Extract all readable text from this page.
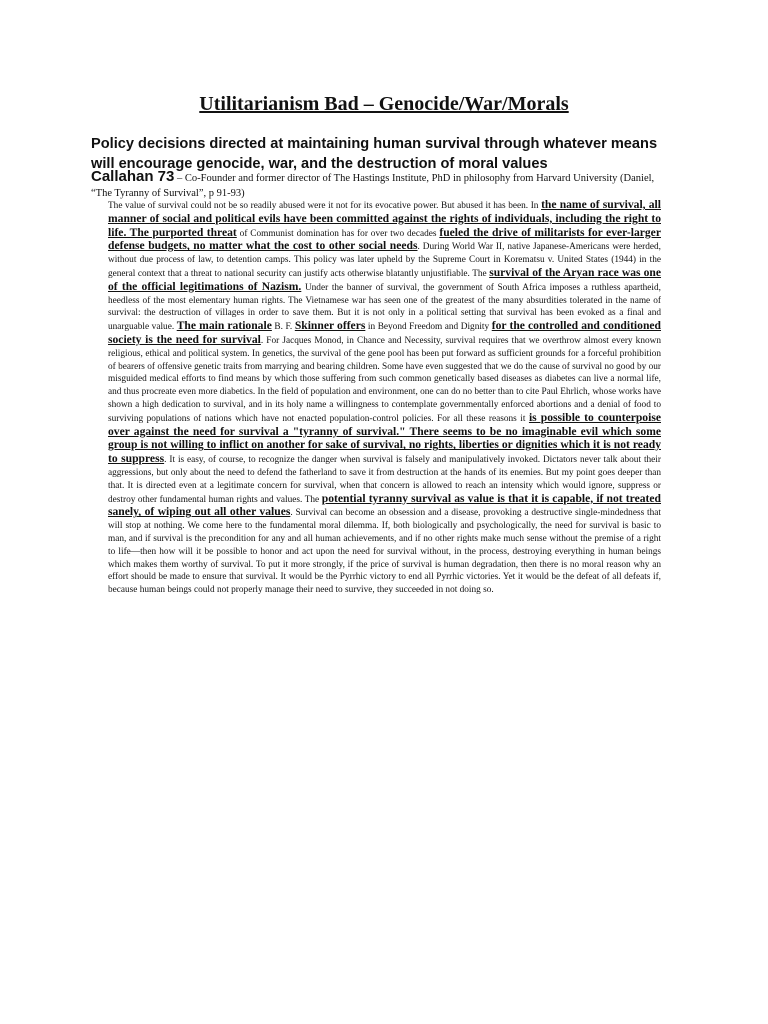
Utilitarianism Bad – Genocide/War/Morals
Policy decisions directed at maintaining human survival through whatever means will encourage genocide, war, and the destruction of moral values
Callahan 73 – Co-Founder and former director of The Hastings Institute, PhD in philosophy from Harvard University (Daniel, “The Tyranny of Survival”, p 91-93)
The value of survival could not be so readily abused were it not for its evocative power. But abused it has been. In the name of survival, all manner of social and political evils have been committed against the rights of individuals, including the right to life. The purported threat of Communist domination has for over two decades fueled the drive of militarists for ever-larger defense budgets, no matter what the cost to other social needs. During World War II, native Japanese-Americans were herded, without due process of law, to detention camps. This policy was later upheld by the Supreme Court in Korematsu v. United States (1944) in the general context that a threat to national security can justify acts otherwise blatantly unjustifiable. The survival of the Aryan race was one of the official legitimations of Nazism. Under the banner of survival, the government of South Africa imposes a ruthless apartheid, heedless of the most elementary human rights. The Vietnamese war has seen one of the greatest of the many absurdities tolerated in the name of survival: the destruction of villages in order to save them. But it is not only in a political setting that survival has been evoked as a final and unarguable value. The main rationale B. F. Skinner offers in Beyond Freedom and Dignity for the controlled and conditioned society is the need for survival. For Jacques Monod, in Chance and Necessity, survival requires that we overthrow almost every known religious, ethical and political system. In genetics, the survival of the gene pool has been put forward as sufficient grounds for a forceful prohibition of bearers of offensive genetic traits from marrying and bearing children. Some have even suggested that we do the cause of survival no good by our misguided medical efforts to find means by which those suffering from such common genetically based diseases as diabetes can live a normal life, and thus procreate even more diabetics. In the field of population and environment, one can do no better than to cite Paul Ehrlich, whose works have shown a high dedication to survival, and in its holy name a willingness to contemplate governmentally enforced abortions and a denial of food to surviving populations of nations which have not enacted population-control policies. For all these reasons it is possible to counterpoise over against the need for survival a "tyranny of survival." There seems to be no imaginable evil which some group is not willing to inflict on another for sake of survival, no rights, liberties or dignities which it is not ready to suppress. It is easy, of course, to recognize the danger when survival is falsely and manipulatively invoked. Dictators never talk about their aggressions, but only about the need to defend the fatherland to save it from destruction at the hands of its enemies. But my point goes deeper than that. It is directed even at a legitimate concern for survival, when that concern is allowed to reach an intensity which would ignore, suppress or destroy other fundamental human rights and values. The potential tyranny survival as value is that it is capable, if not treated sanely, of wiping out all other values. Survival can become an obsession and a disease, provoking a destructive single-mindedness that will stop at nothing. We come here to the fundamental moral dilemma. If, both biologically and psychologically, the need for survival is basic to man, and if survival is the precondition for any and all human achievements, and if no other rights make much sense without the premise of a right to life—then how will it be possible to honor and act upon the need for survival without, in the process, destroying everything in human beings which makes them worthy of survival. To put it more strongly, if the price of survival is human degradation, then there is no moral reason why an effort should be made to ensure that survival. It would be the Pyrrhic victory to end all Pyrrhic victories. Yet it would be the defeat of all defeats if, because human beings could not properly manage their need to survive, they succeeded in not doing so.
